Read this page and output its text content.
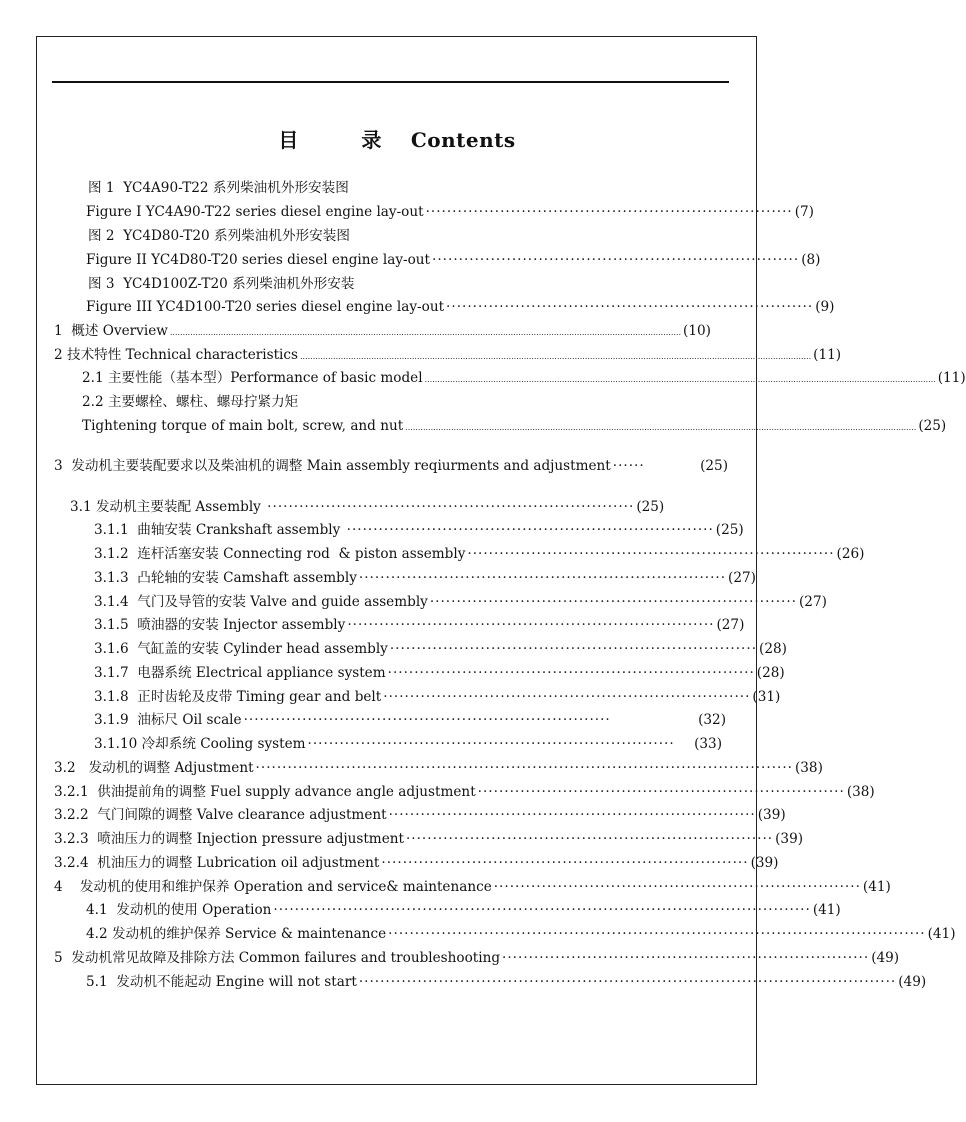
目 录 Contents
图 1  YC4A90-T22 系列柴油机外形安装图
Figure I YC4A90-T22 series diesel engine lay-out ····································································· (7)
图 2  YC4D80-T20 系列柴油机外形安装图
Figure II YC4D80-T20 series diesel engine lay-out ····································································· (8)
图 3  YC4D100Z-T20 系列柴油机外形安装
Figure III YC4D100-T20 series diesel engine lay-out ····································································· (9)
1  概述 Overview ......................................................................................................................................................................................................... (10)
2 技术特性 Technical characteristics ......................................................................................................................................................................................................... (11)
2.1 主要性能（基本型）Performance of basic model ......................................................................................................................................................................................................... (11)
2.2 主要螺栓、螺柱、螺母拧紧力矩
Tightening torque of main bolt, screw, and nut ......................................................................................................................................................................................................... (25)
3  发动机主要装配要求以及柴油机的调整 Main assembly reqiurments and adjustment ······	(25)
3.1 发动机主要装配 Assembly ····································································· (25)
3.1.1  曲轴安装 Crankshaft assembly ····································································· (25)
3.1.2  连杆活塞安装 Connecting rod  & piston assembly ····································································· (26)
3.1.3  凸轮轴的安装 Camshaft assembly ····································································· (27)
3.1.4  气门及导管的安装 Valve and guide assembly ····································································· (27)
3.1.5  喷油器的安装 Injector assembly ····································································· (27)
3.1.6  气缸盖的安装 Cylinder head assembly ····································································· (28)
3.1.7  电器系统 Electrical appliance system ····································································· (28)
3.1.8  正时齿轮及皮带 Timing gear and belt ····································································· (31)
3.1.9  油标尺 Oil scale ·····································································	(32)
3.1.10 冷却系统 Cooling system ·····································································	(33)
3.2   发动机的调整 Adjustment ····································································································· (38)
3.2.1  供油提前角的调整 Fuel supply advance angle adjustment ····································································· (38)
3.2.2  气门间隙的调整 Valve clearance adjustment ····································································· (39)
3.2.3  喷油压力的调整 Injection pressure adjustment ····································································· (39)
3.2.4  机油压力的调整 Lubrication oil adjustment ····································································· (39)
4    发动机的使用和维护保养 Operation and service& maintenance ····································································· (41)
4.1  发动机的使用 Operation ····································································································· (41)
4.2 发动机的维护保养 Service & maintenance ····································································································· (41)
5  发动机常见故障及排除方法 Common failures and troubleshooting ····································································· (49)
5.1  发动机不能起动 Engine will not start ····································································································· (49)
